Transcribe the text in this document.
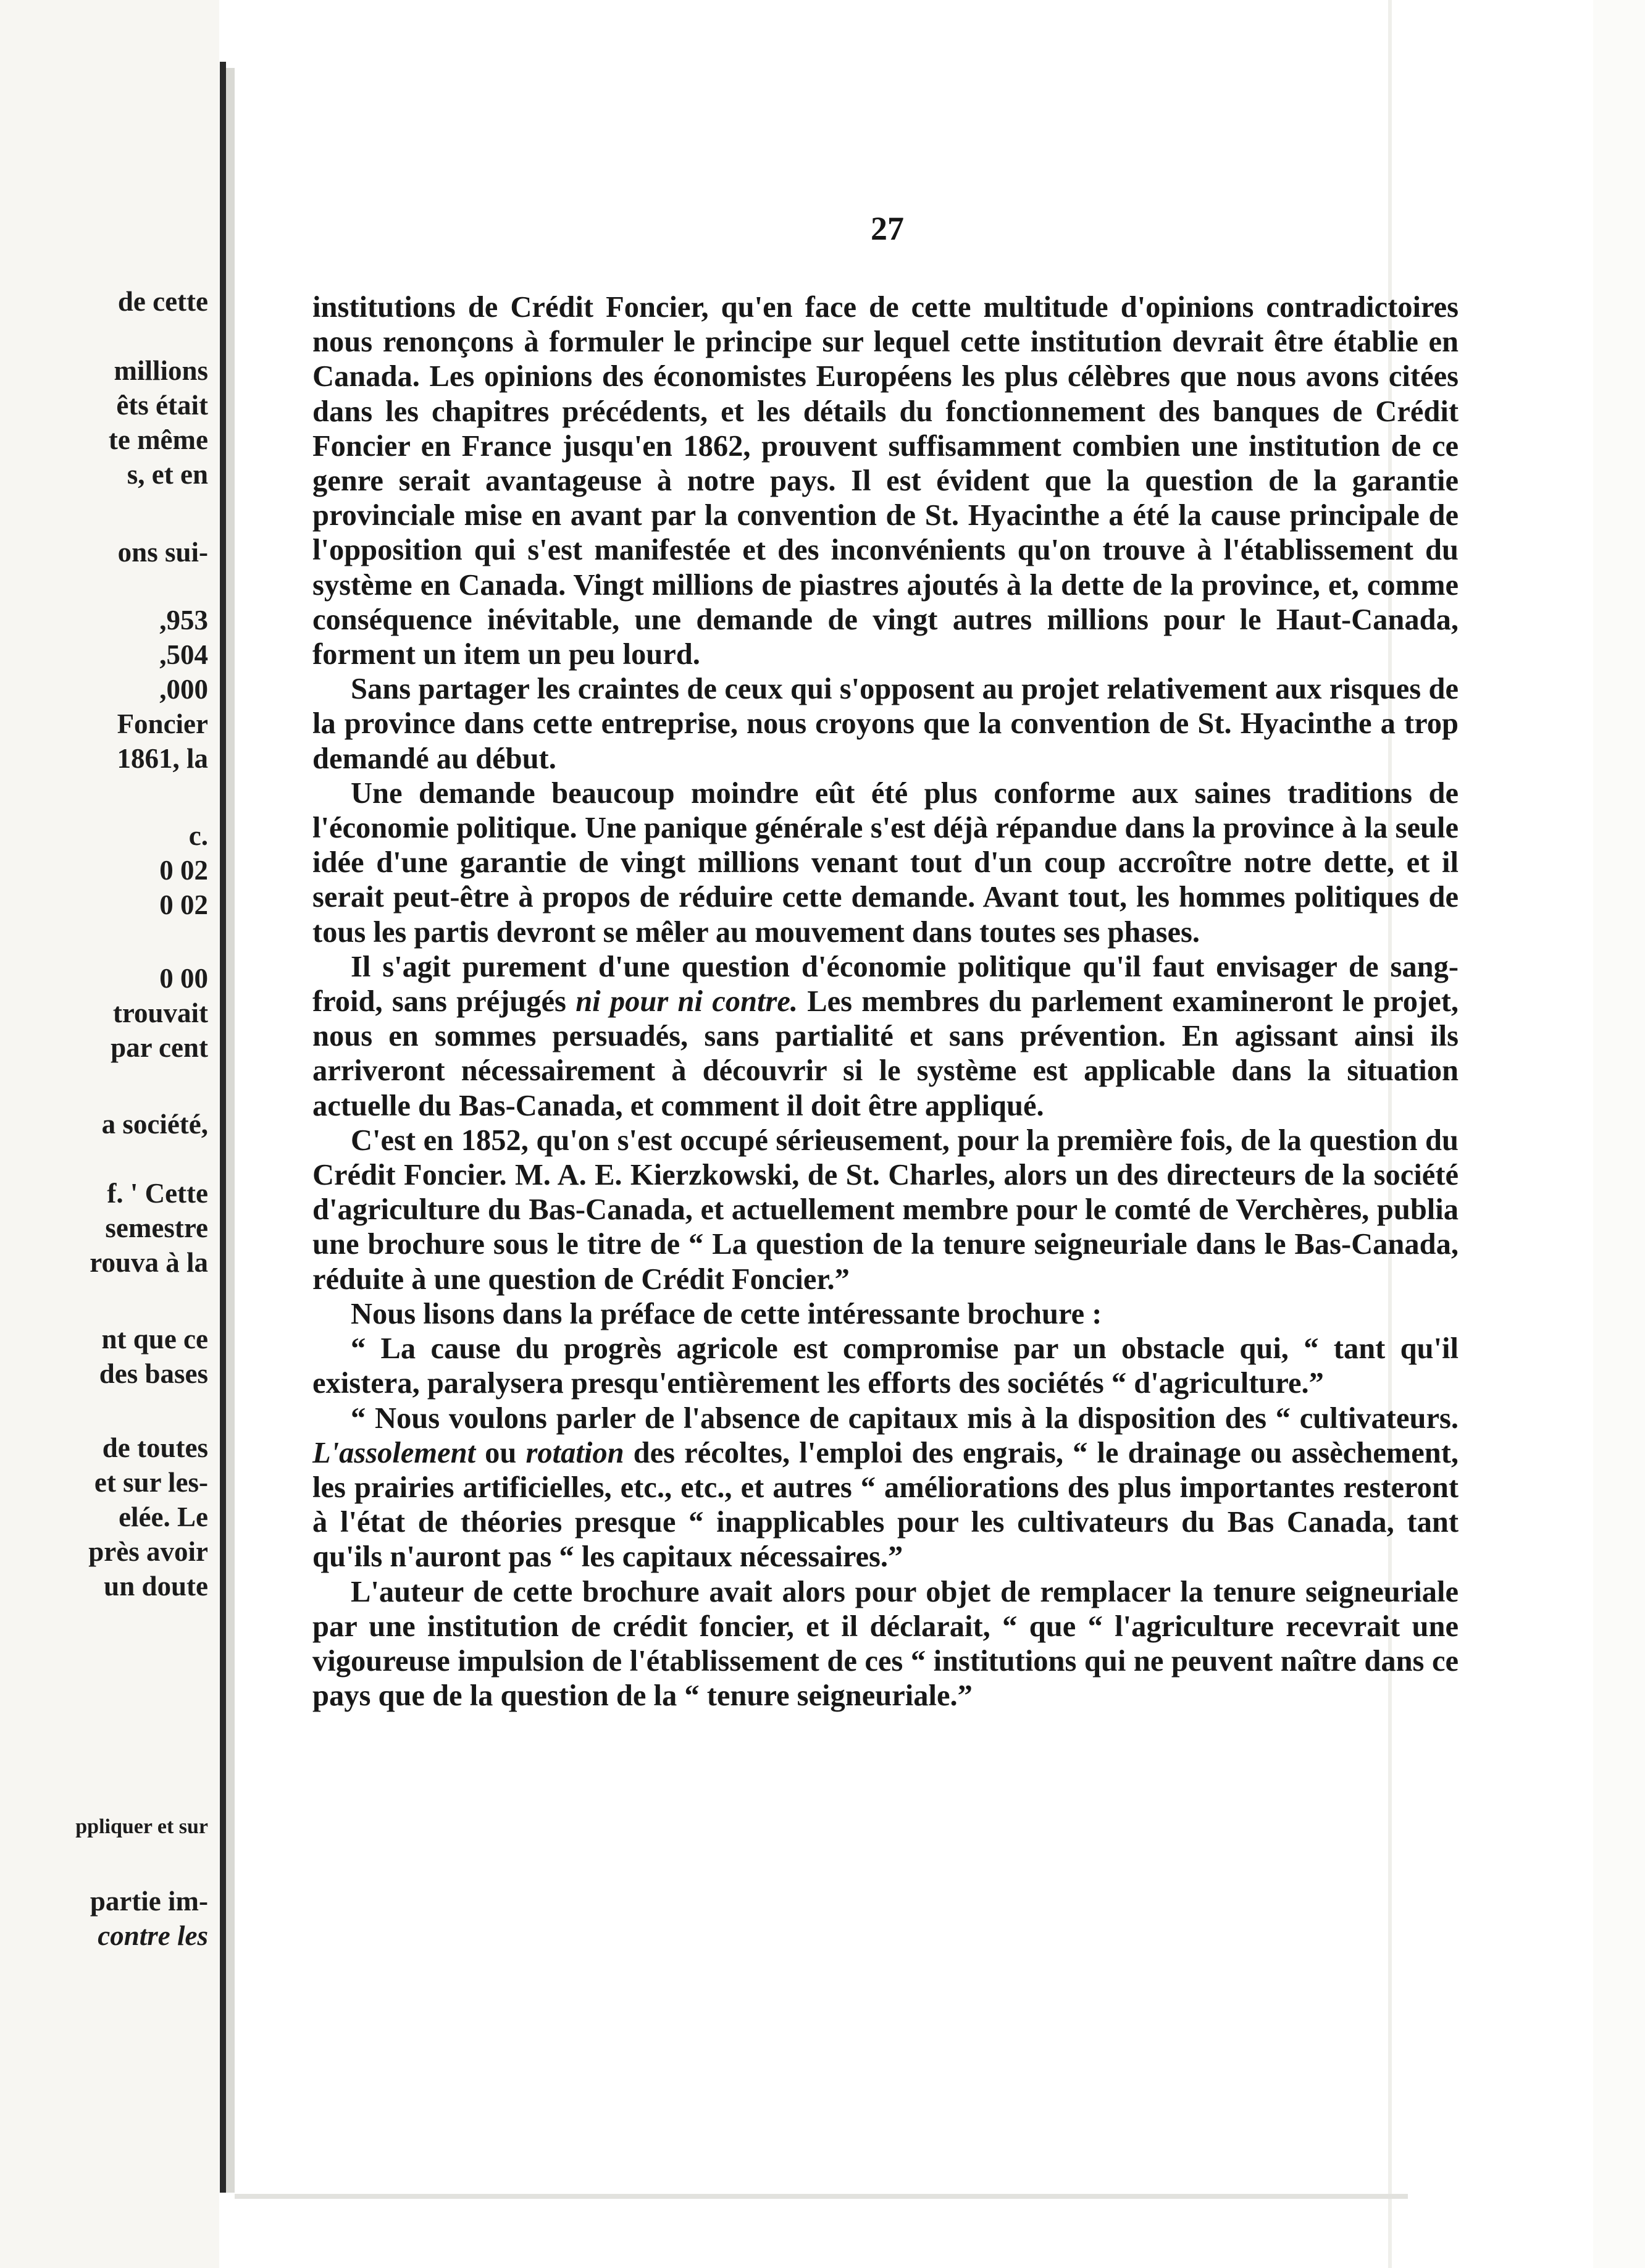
de cette
millions
êts était
te même
s, et en
ons sui-
,953
,504
,000
Foncier
1861, la
c.
0 02
0 02
0 00
trouvait
par cent
a société,
f. ' Cette
semestre
rouva à la
nt que ce
des bases
de toutes
et sur les-
elée. Le
près avoir
un doute
ppliquer et sur
partie im-
contre les
27

institutions de Crédit Foncier, qu'en face de cette multitude d'opinions contradictoires nous renonçons à formuler le principe sur lequel cette institution devrait être établie en Canada. Les opinions des économistes Européens les plus célèbres que nous avons citées dans les chapitres précédents, et les détails du fonctionnement des banques de Crédit Foncier en France jusqu'en 1862, prouvent suffisamment combien une institution de ce genre serait avantageuse à notre pays. Il est évident que la question de la garantie provinciale mise en avant par la convention de St. Hyacinthe a été la cause principale de l'opposition qui s'est manifestée et des inconvénients qu'on trouve à l'établissement du système en Canada. Vingt millions de piastres ajoutés à la dette de la province, et, comme conséquence inévitable, une demande de vingt autres millions pour le Haut-Canada, forment un item un peu lourd.

Sans partager les craintes de ceux qui s'opposent au projet relativement aux risques de la province dans cette entreprise, nous croyons que la convention de St. Hyacinthe a trop demandé au début.

Une demande beaucoup moindre eût été plus conforme aux saines traditions de l'économie politique. Une panique générale s'est déjà répandue dans la province à la seule idée d'une garantie de vingt millions venant tout d'un coup accroître notre dette, et il serait peut-être à propos de réduire cette demande. Avant tout, les hommes politiques de tous les partis devront se mêler au mouvement dans toutes ses phases.

Il s'agit purement d'une question d'économie politique qu'il faut envisager de sang-froid, sans préjugés ni pour ni contre. Les membres du parlement examineront le projet, nous en sommes persuadés, sans partialité et sans prévention. En agissant ainsi ils arriveront nécessairement à découvrir si le système est applicable dans la situation actuelle du Bas-Canada, et comment il doit être appliqué.

C'est en 1852, qu'on s'est occupé sérieusement, pour la première fois, de la question du Crédit Foncier. M. A. E. Kierzkowski, de St. Charles, alors un des directeurs de la société d'agriculture du Bas-Canada, et actuellement membre pour le comté de Verchères, publia une brochure sous le titre de “ La question de la tenure seigneuriale dans le Bas-Canada, réduite à une question de Crédit Foncier.”

Nous lisons dans la préface de cette intéressante brochure :

“ La cause du progrès agricole est compromise par un obstacle qui, “ tant qu'il existera, paralysera presqu'entièrement les efforts des sociétés “ d'agriculture.”

“ Nous voulons parler de l'absence de capitaux mis à la disposition des “ cultivateurs. L'assolement ou rotation des récoltes, l'emploi des engrais, “ le drainage ou assèchement, les prairies artificielles, etc., etc., et autres “ améliorations des plus importantes resteront à l'état de théories presque “ inapplicables pour les cultivateurs du Bas Canada, tant qu'ils n'auront pas “ les capitaux nécessaires.”

L'auteur de cette brochure avait alors pour objet de remplacer la tenure seigneuriale par une institution de crédit foncier, et il déclarait, “ que “ l'agriculture recevrait une vigoureuse impulsion de l'établissement de ces “ institutions qui ne peuvent naître dans ce pays que de la question de la “ tenure seigneuriale.”
